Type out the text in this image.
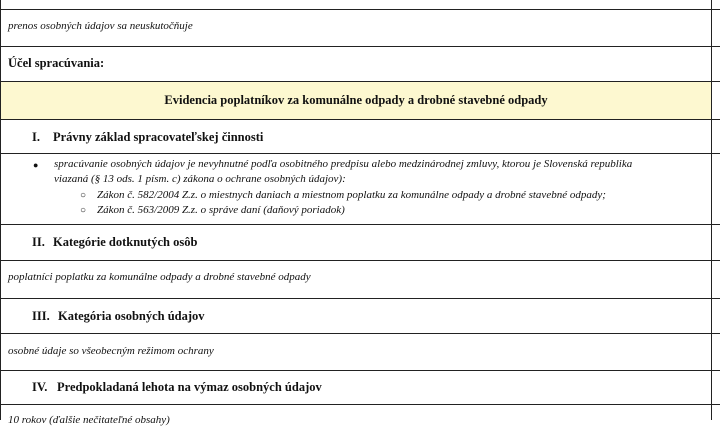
prenos osobných údajov sa neuskutočňuje
Účel spracúvania:
Evidencia poplatníkov za komunálne odpady a drobné stavebné odpady
I.	Právny základ spracovateľskej činnosti
● spracúvanie osobných údajov je nevyhnutné podľa osobitného predpisu alebo medzinárodnej zmluvy, ktorou je Slovenská republika
viazaná (§ 13 ods. 1 písm. c) zákona o ochrane osobných údajov):
○ Zákon č. 582/2004 Z.z. o miestnych daniach a miestnom poplatku za komunálne odpady a drobné stavebné odpady;
○ Zákon č. 563/2009 Z.z. o správe daní (daňový poriadok)
II. Kategórie dotknutých osôb
poplatníci poplatku za komunálne odpady a drobné stavebné odpady
III. Kategória osobných údajov
osobné údaje so všeobecným režimom ochrany
IV. Predpokladaná lehota na výmaz osobných údajov
10 rokov (ďalšie nečitateľné obsahy)
